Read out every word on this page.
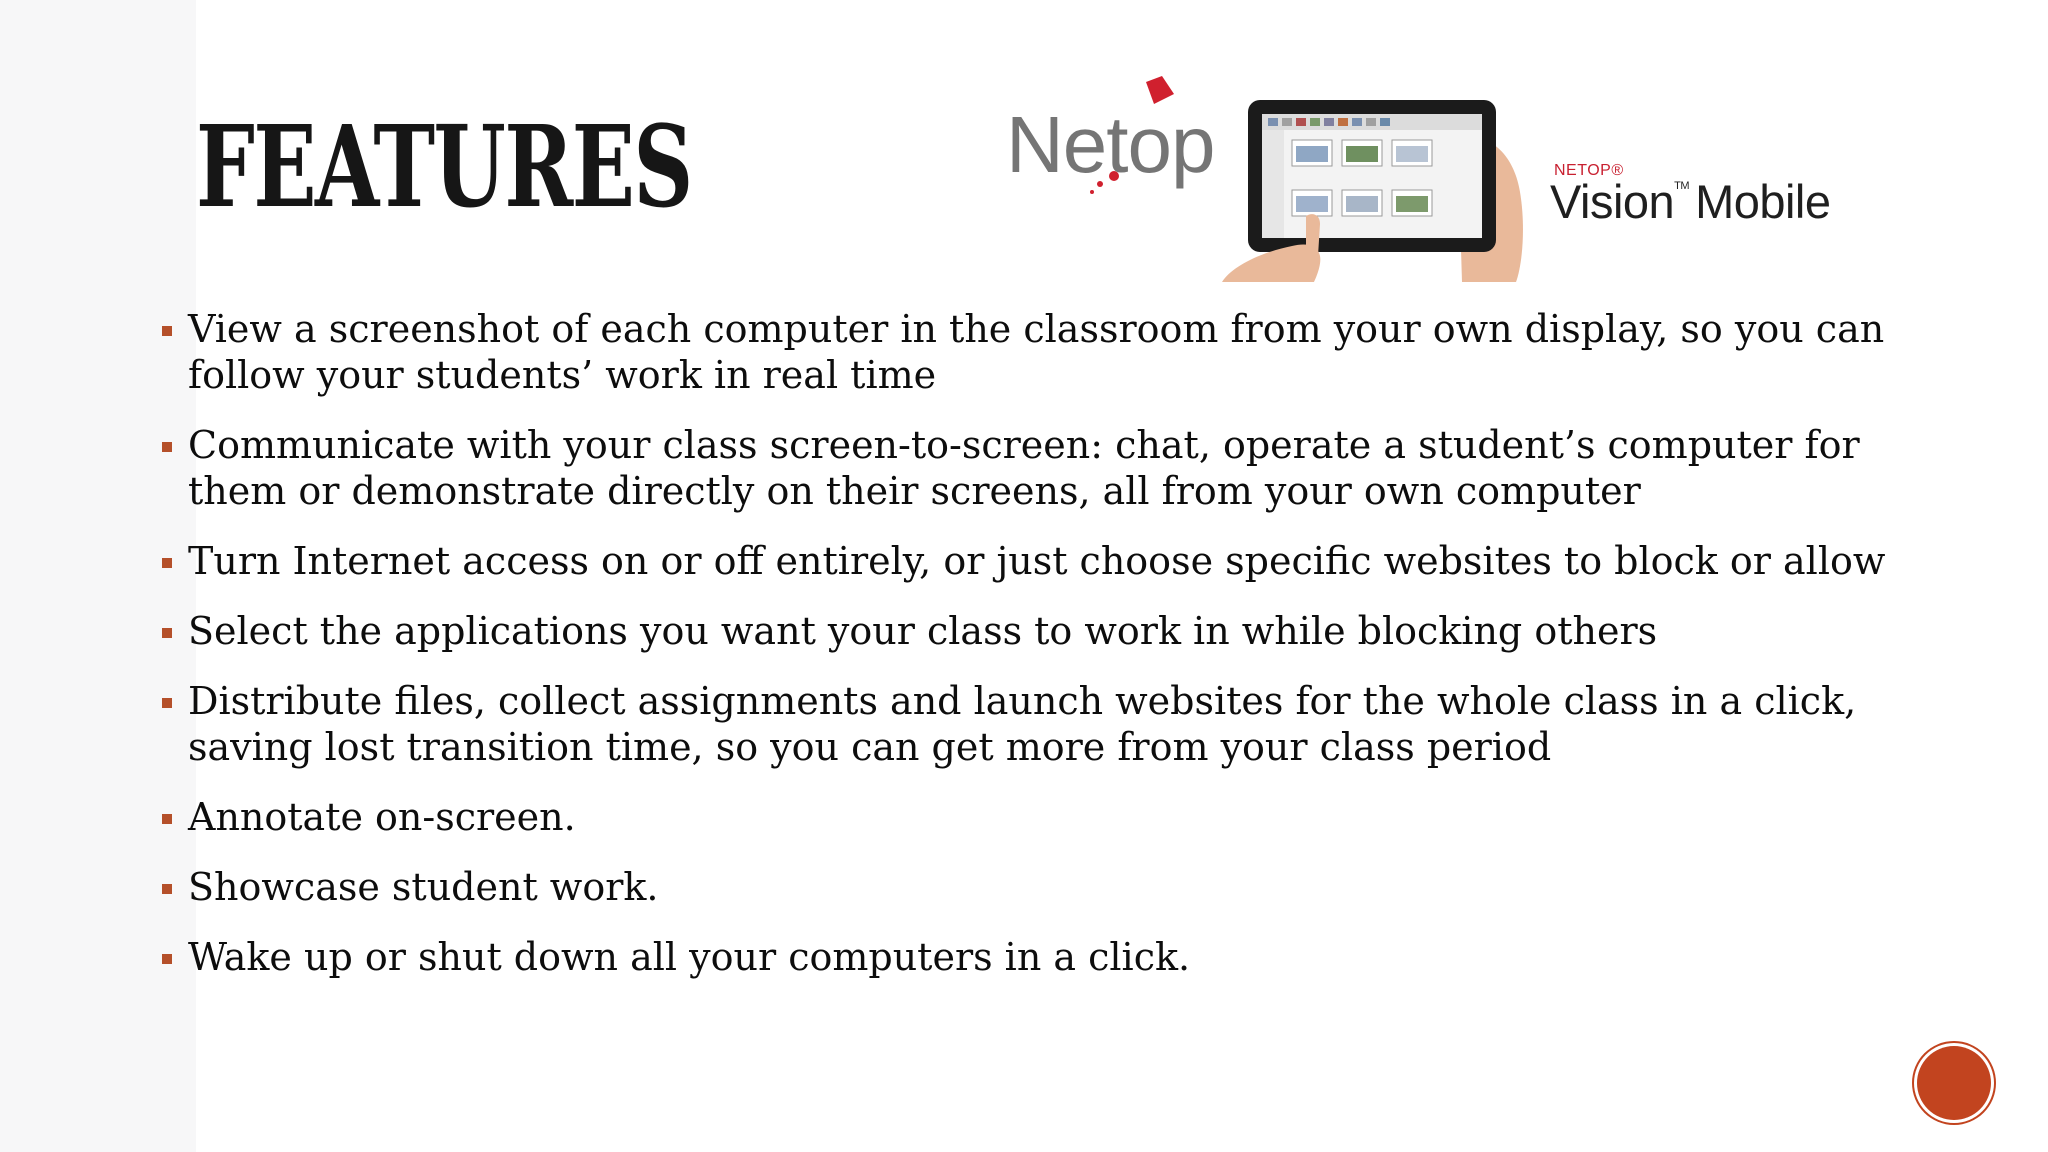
FEATURES	Netop	NETOP®
Vision™ Mobile
View a screenshot of each computer in the classroom from your own display, so you can follow your students’ work in real time
Communicate with your class screen-to-screen: chat, operate a student’s computer for them or demonstrate directly on their screens, all from your own computer
Turn Internet access on or off entirely, or just choose specific websites to block or allow
Select the applications you want your class to work in while blocking others
Distribute files, collect assignments and launch websites for the whole class in a click, saving lost transition time, so you can get more from your class period
Annotate on-screen.
Showcase student work.
Wake up or shut down all your computers in a click.
